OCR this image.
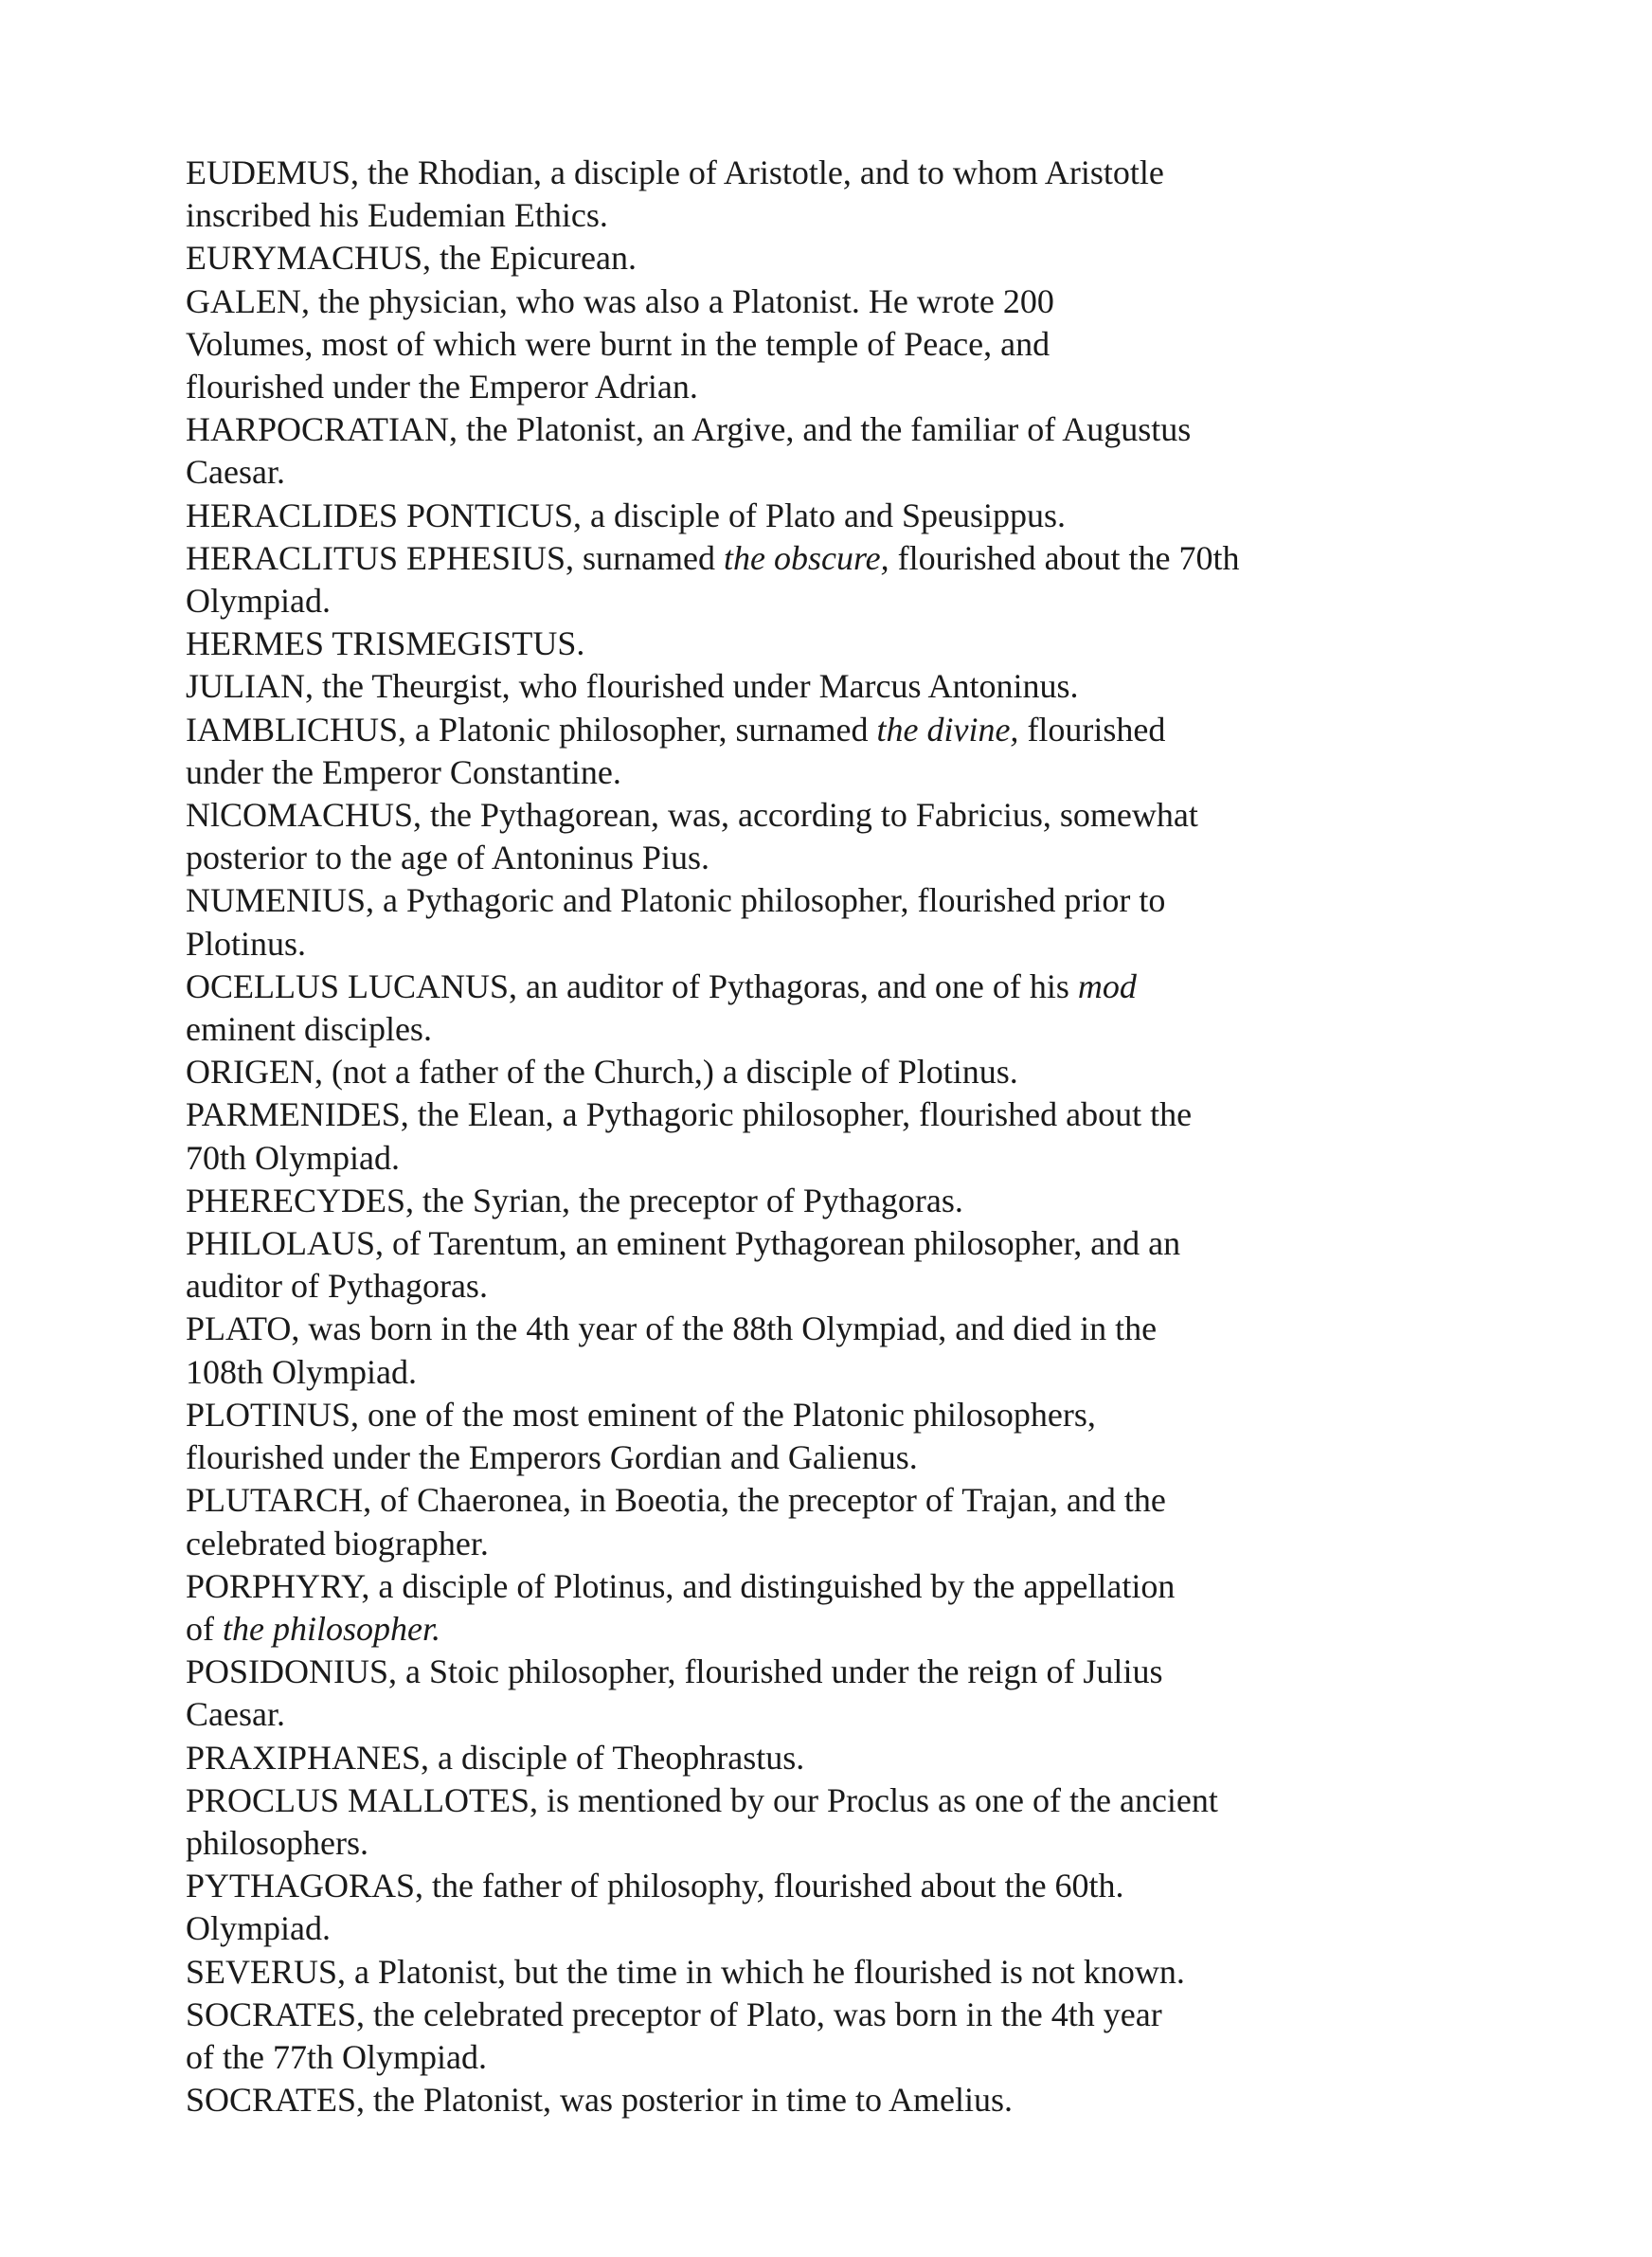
EUDEMUS, the Rhodian, a disciple of Aristotle, and to whom Aristotle
inscribed his Eudemian Ethics.

EURYMACHUS, the Epicurean.

GALEN, the physician, who was also a Platonist. He wrote 200
Volumes, most of which were burnt in the temple of Peace, and
flourished under the Emperor Adrian.

HARPOCRATIAN, the Platonist, an Argive, and the familiar of Augustus
Caesar.

HERACLIDES PONTICUS, a disciple of Plato and Speusippus.

HERACLITUS EPHESIUS, surnamed the obscure, flourished about the 70th
Olympiad.

HERMES TRISMEGISTUS.

JULIAN, the Theurgist, who flourished under Marcus Antoninus.

IAMBLICHUS, a Platonic philosopher, surnamed the divine, flourished
under the Emperor Constantine.

NlCOMACHUS, the Pythagorean, was, according to Fabricius, somewhat
posterior to the age of Antoninus Pius.

NUMENIUS, a Pythagoric and Platonic philosopher, flourished prior to
Plotinus.

OCELLUS LUCANUS, an auditor of Pythagoras, and one of his mod
eminent disciples.

ORIGEN, (not a father of the Church,) a disciple of Plotinus.

PARMENIDES, the Elean, a Pythagoric philosopher, flourished about the
70th Olympiad.

PHERECYDES, the Syrian, the preceptor of Pythagoras.

PHILOLAUS, of Tarentum, an eminent Pythagorean philosopher, and an
auditor of Pythagoras.

PLATO, was born in the 4th year of the 88th Olympiad, and died in the
108th Olympiad.

PLOTINUS, one of the most eminent of the Platonic philosophers,
flourished under the Emperors Gordian and Galienus.

PLUTARCH, of Chaeronea, in Boeotia, the preceptor of Trajan, and the
celebrated biographer.

PORPHYRY, a disciple of Plotinus, and distinguished by the appellation
of the philosopher.

POSIDONIUS, a Stoic philosopher, flourished under the reign of Julius
Caesar.

PRAXIPHANES, a disciple of Theophrastus.

PROCLUS MALLOTES, is mentioned by our Proclus as one of the ancient
philosophers.

PYTHAGORAS, the father of philosophy, flourished about the 60th.
Olympiad.

SEVERUS, a Platonist, but the time in which he flourished is not known.

SOCRATES, the celebrated preceptor of Plato, was born in the 4th year
of the 77th Olympiad.

SOCRATES, the Platonist, was posterior in time to Amelius.
